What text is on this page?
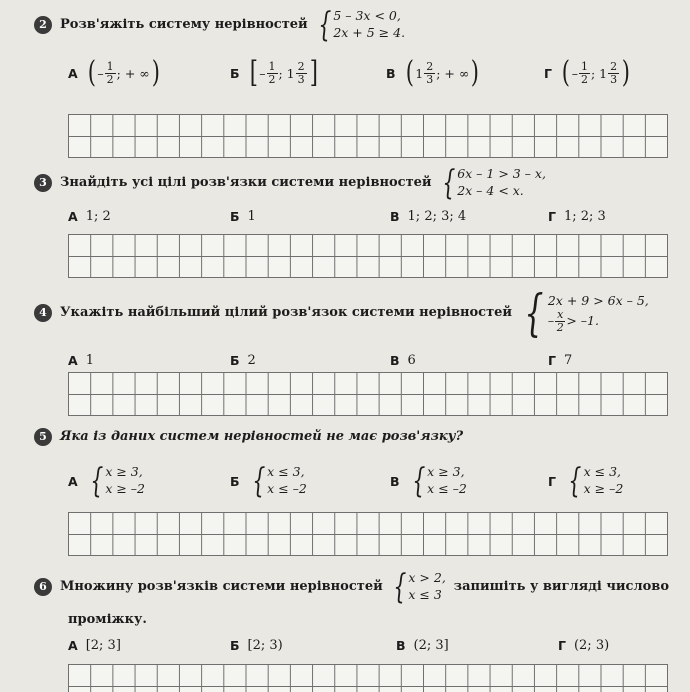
2	Розв'яжіть систему нерівностей { 5 – 3x < 0,
2x + 5 ≥ 4.
А ( – $\frac{1}{2}$ ; + ∞ )	Б [ – $\frac{1}{2}$ ; $1 \frac{2}{3}$ ]	В ( $1 \frac{2}{3}$ ; + ∞ )	Г ( – $\frac{1}{2}$ ; $1 \frac{2}{3}$ )
3	Знайдіть усі цілі розв'язки системи нерівностей { 6x – 1 > 3 – x,
2x – 4 < x.
А 1; 2	Б 1	В 1; 2; 3; 4	Г 1; 2; 3
4	Укажіть найбільший цілий розв'язок системи нерівностей { 2x + 9 > 6x – 5,
– $\frac{x}{2} > -1$.
А 1	Б 2	В 6	Г 7
5	Яка із даних систем нерівностей не має розв'язку?
А { x ≥ 3,
x ≥ –2	Б { x ≤ 3,
x ≤ –2	В { x ≥ 3,
x ≤ –2	Г { x ≤ 3,
x ≥ –2
6	Множину розв'язків системи нерівностей { x > 2,
x ≤ 3
запишіть у вигляді числово
проміжку.
А [2; 3]	Б [2; 3)	В (2; 3]	Г (2; 3)
